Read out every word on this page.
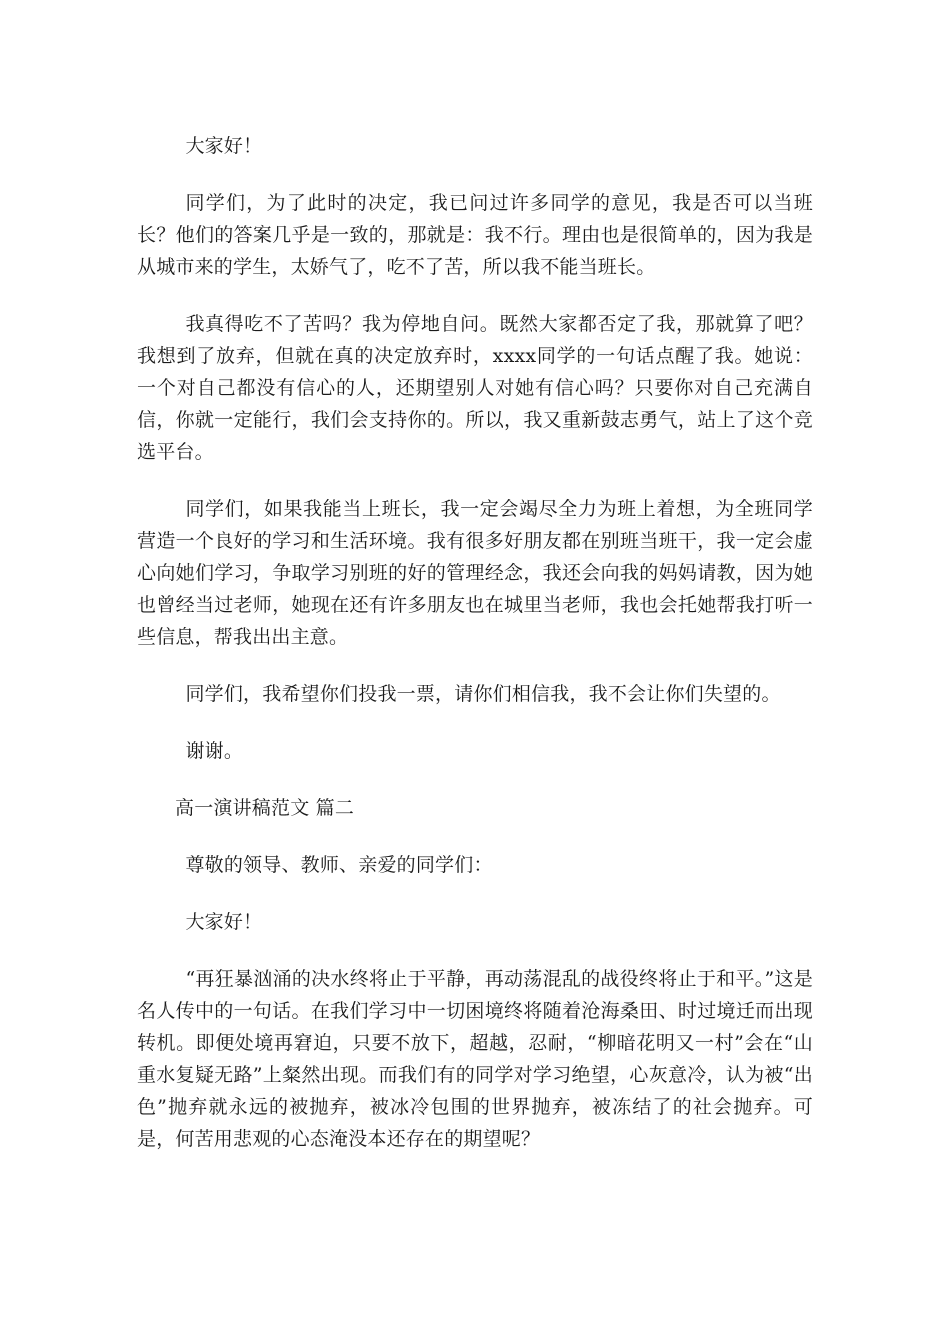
大家好！

同学们，为了此时的决定，我已问过许多同学的意见，我是否可以当班长？他们的答案几乎是一致的，那就是：我不行。理由也是很简单的，因为我是从城市来的学生，太娇气了，吃不了苦，所以我不能当班长。

我真得吃不了苦吗？我为停地自问。既然大家都否定了我，那就算了吧？我想到了放弃，但就在真的决定放弃时，xxxx同学的一句话点醒了我。她说：一个对自己都没有信心的人，还期望别人对她有信心吗？只要你对自己充满自信，你就一定能行，我们会支持你的。所以，我又重新鼓志勇气，站上了这个竞选平台。

同学们，如果我能当上班长，我一定会竭尽全力为班上着想，为全班同学营造一个良好的学习和生活环境。我有很多好朋友都在别班当班干，我一定会虚心向她们学习，争取学习别班的好的管理经念，我还会向我的妈妈请教，因为她也曾经当过老师，她现在还有许多朋友也在城里当老师，我也会托她帮我打听一些信息，帮我出出主意。

同学们，我希望你们投我一票，请你们相信我，我不会让你们失望的。

谢谢。

高一演讲稿范文 篇二

尊敬的领导、教师、亲爱的同学们：

大家好！

“再狂暴汹涌的决水终将止于平静，再动荡混乱的战役终将止于和平。”这是名人传中的一句话。在我们学习中一切困境终将随着沧海桑田、时过境迁而出现转机。即便处境再窘迫，只要不放下，超越，忍耐，“柳暗花明又一村”会在“山重水复疑无路”上粲然出现。而我们有的同学对学习绝望，心灰意冷，认为被“出色”抛弃就永远的被抛弃，被冰冷包围的世界抛弃，被冻结了的社会抛弃。可是，何苦用悲观的心态淹没本还存在的期望呢？
